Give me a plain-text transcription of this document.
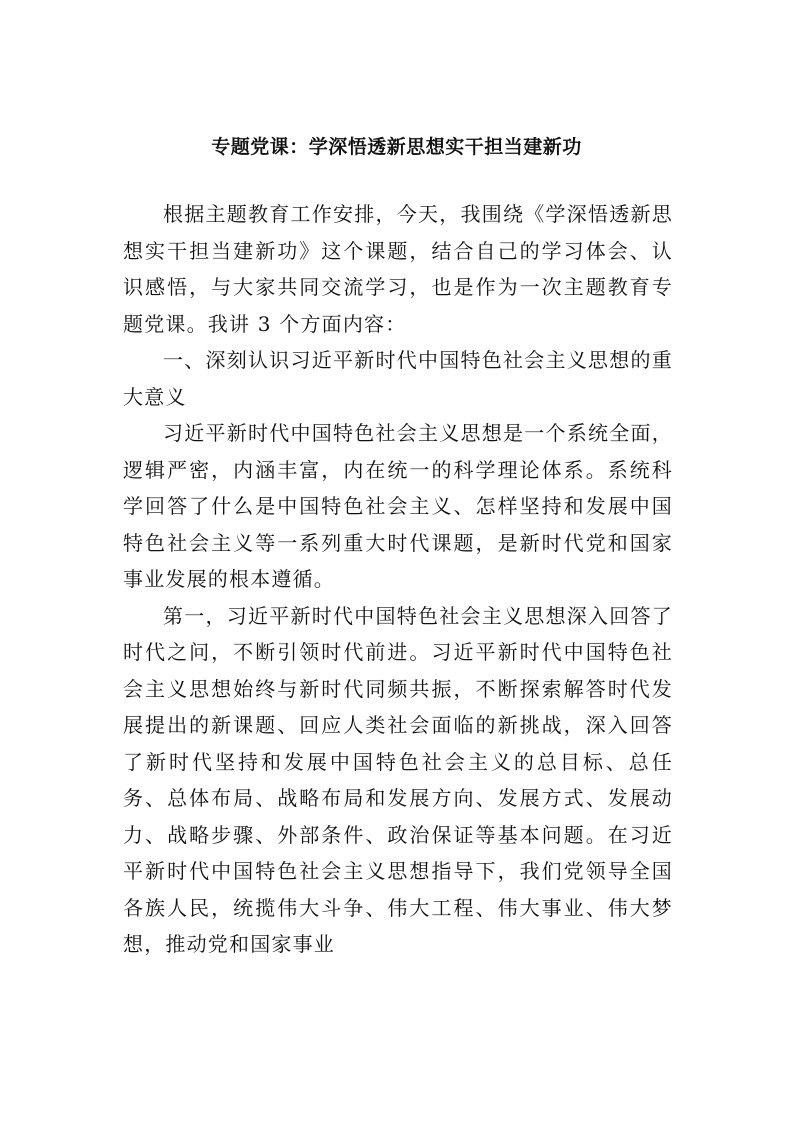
专题党课：学深悟透新思想实干担当建新功

根据主题教育工作安排，今天，我围绕《学深悟透新思想实干担当建新功》这个课题，结合自己的学习体会、认识感悟，与大家共同交流学习，也是作为一次主题教育专题党课。我讲 3 个方面内容：

一、深刻认识习近平新时代中国特色社会主义思想的重大意义

习近平新时代中国特色社会主义思想是一个系统全面，逻辑严密，内涵丰富，内在统一的科学理论体系。系统科学回答了什么是中国特色社会主义、怎样坚持和发展中国特色社会主义等一系列重大时代课题，是新时代党和国家事业发展的根本遵循。

第一，习近平新时代中国特色社会主义思想深入回答了时代之问，不断引领时代前进。习近平新时代中国特色社会主义思想始终与新时代同频共振，不断探索解答时代发展提出的新课题、回应人类社会面临的新挑战，深入回答了新时代坚持和发展中国特色社会主义的总目标、总任务、总体布局、战略布局和发展方向、发展方式、发展动力、战略步骤、外部条件、政治保证等基本问题。在习近平新时代中国特色社会主义思想指导下，我们党领导全国各族人民，统揽伟大斗争、伟大工程、伟大事业、伟大梦想，推动党和国家事业
